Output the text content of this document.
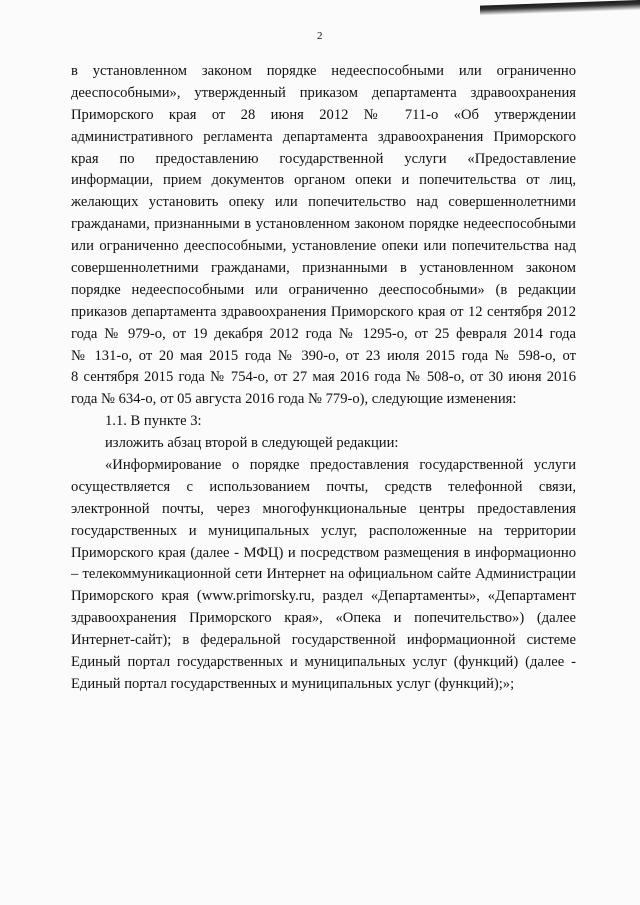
2
в установленном законом порядке недееспособными или ограниченно
дееспособными», утвержденный приказом департамента здравоохранения
Приморского края от 28 июня 2012 № 711-о «Об утверждении
административного регламента департамента здравоохранения Приморского
края по предоставлению государственной услуги «Предоставление
информации, прием документов органом опеки и попечительства от лиц,
желающих установить опеку или попечительство над совершеннолетними
гражданами, признанными в установленном законом порядке недееспособными
или ограниченно дееспособными, установление опеки или попечительства над
совершеннолетними гражданами, признанными в установленном законом
порядке недееспособными или ограниченно дееспособными» (в редакции
приказов департамента здравоохранения Приморского края от 12 сентября 2012
года № 979-о, от 19 декабря 2012 года № 1295-о, от 25 февраля 2014 года
№ 131-о, от 20 мая 2015 года № 390-о, от 23 июля 2015 года № 598-о, от
8 сентября 2015 года № 754-о, от 27 мая 2016 года № 508-о, от 30 июня 2016
года № 634-о, от 05 августа 2016 года № 779-о), следующие изменения:
1.1. В пункте 3:
изложить абзац второй в следующей редакции:
«Информирование о порядке предоставления государственной услуги
осуществляется с использованием почты, средств телефонной связи,
электронной почты, через многофункциональные центры предоставления
государственных и муниципальных услуг, расположенные на территории
Приморского края (далее - МФЦ) и посредством размещения в информационно
– телекоммуникационной сети Интернет на официальном сайте Администрации
Приморского края (www.primorsky.ru, раздел «Департаменты», «Департамент
здравоохранения Приморского края», «Опека и попечительство») (далее
Интернет-сайт); в федеральной государственной информационной системе
Единый портал государственных и муниципальных услуг (функций) (далее -
Единый портал государственных и муниципальных услуг (функций);»;
